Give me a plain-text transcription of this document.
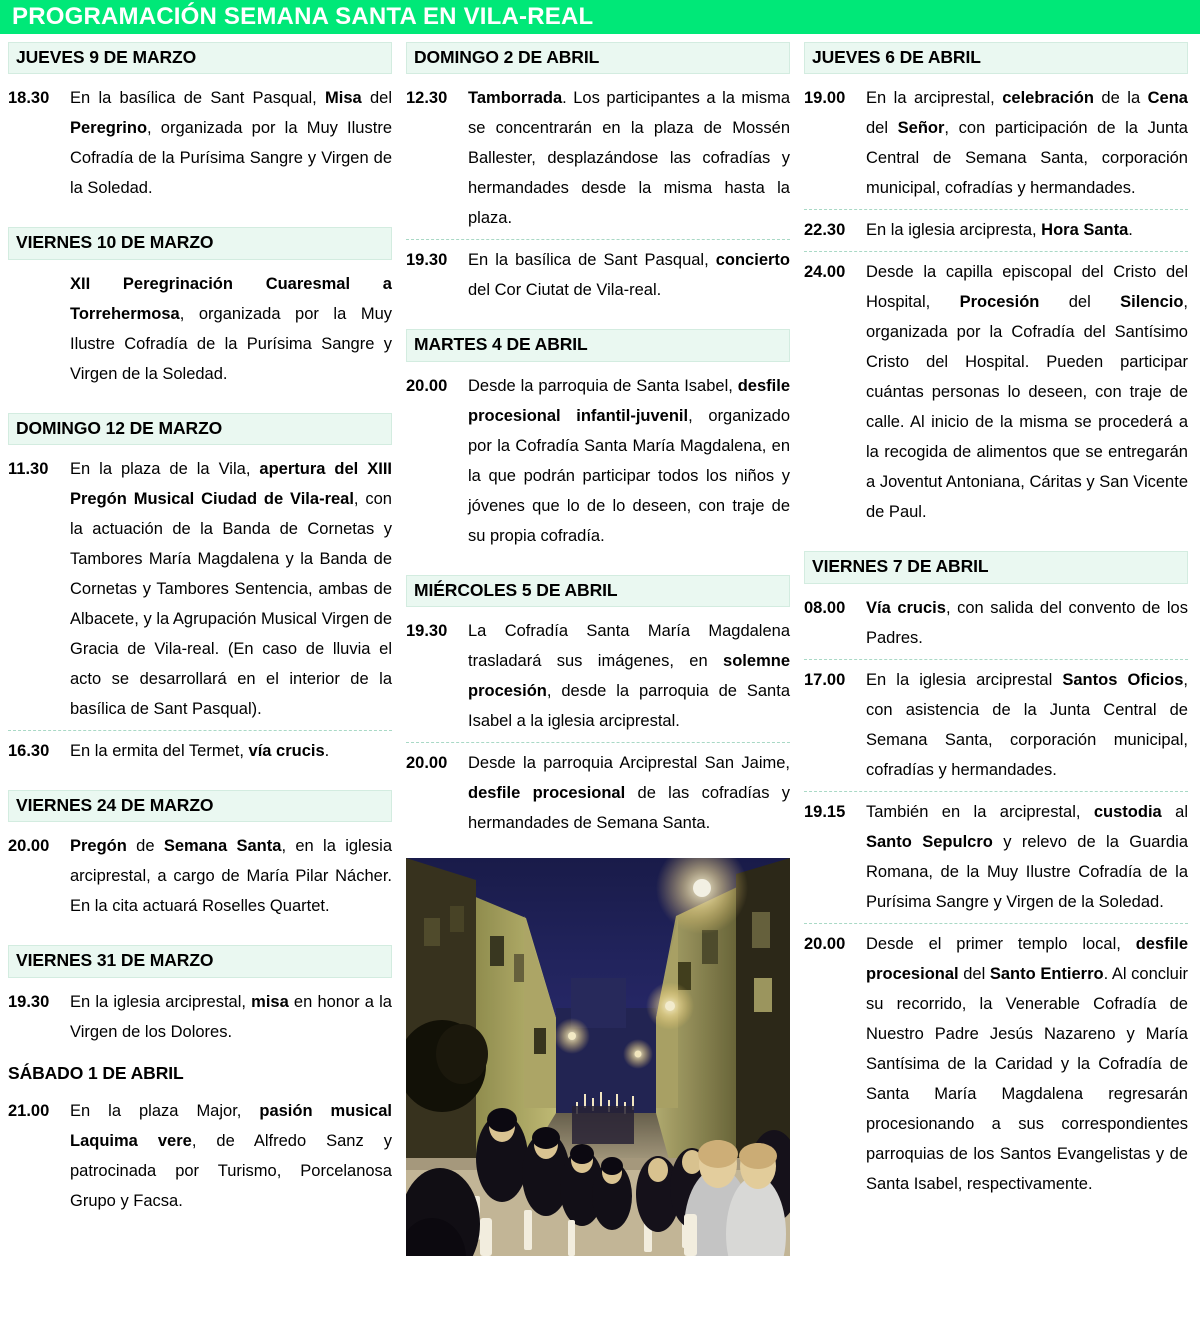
PROGRAMACIÓN SEMANA SANTA EN VILA-REAL
JUEVES 9 DE MARZO
18.30	En la basílica de Sant Pasqual, Misa del Peregrino, organizada por la Muy Ilustre Cofradía de la Purísima Sangre y Virgen de la Soledad.
VIERNES 10 DE MARZO
XII Peregrinación Cuaresmal a Torrehermosa, organizada por la Muy Ilustre Cofradía de la Purísima Sangre y Virgen de la Soledad.
DOMINGO 12 DE MARZO
11.30	En la plaza de la Vila, apertura del XIII Pregón Musical Ciudad de Vila-real, con la actuación de la Banda de Cornetas y Tambores María Magdalena y la Banda de Cornetas y Tambores Sentencia, ambas de Albacete, y la Agrupación Musical Virgen de Gracia de Vila-real. (En caso de lluvia el acto se desarrollará en el interior de la basílica de Sant Pasqual).
16.30	En la ermita del Termet, vía crucis.
VIERNES 24 DE MARZO
20.00	Pregón de Semana Santa, en la iglesia arciprestal, a cargo de María Pilar Nácher. En la cita actuará Roselles Quartet.
VIERNES 31 DE MARZO
19.30	En la iglesia arciprestal, misa en honor a la Virgen de los Dolores.
SÁBADO 1 DE ABRIL
21.00	En la plaza Major, pasión musical Laquima vere, de Alfredo Sanz y patrocinada por Turismo, Porcelanosa Grupo y Facsa.
DOMINGO 2 DE ABRIL
12.30	Tamborrada. Los participantes a la misma se concentrarán en la plaza de Mossén Ballester, desplazándose las cofradías y hermandades desde la misma hasta la plaza.
19.30	En la basílica de Sant Pasqual, concierto del Cor Ciutat de Vila-real.
MARTES 4 DE ABRIL
20.00	Desde la parroquia de Santa Isabel, desfile procesional infantil-juvenil, organizado por la Cofradía Santa María Magdalena, en la que podrán participar todos los niños y jóvenes que lo de lo deseen, con traje de su propia cofradía.
MIÉRCOLES 5 DE ABRIL
19.30	La Cofradía Santa María Magdalena trasladará sus imágenes, en solemne procesión, desde la parroquia de Santa Isabel a la iglesia arciprestal.
20.00	Desde la parroquia Arciprestal San Jaime, desfile procesional de las cofradías y hermandades de Semana Santa.
JUEVES 6 DE ABRIL
19.00	En la arciprestal, celebración de la Cena del Señor, con participación de la Junta Central de Semana Santa, corporación municipal, cofradías y hermandades.
22.30	En la iglesia arcipresta, Hora Santa.
24.00	Desde la capilla episcopal del Cristo del Hospital, Procesión del Silencio, organizada por la Cofradía del Santísimo Cristo del Hospital. Pueden participar cuántas personas lo deseen, con traje de calle. Al inicio de la misma se procederá a la recogida de alimentos que se entregarán a Joventut Antoniana, Cáritas y San Vicente de Paul.
VIERNES 7 DE ABRIL
08.00	Vía crucis, con salida del convento de los Padres.
17.00	En la iglesia arciprestal Santos Oficios, con asistencia de la Junta Central de Semana Santa, corporación municipal, cofradías y hermandades.
19.15	También en la arciprestal, custodia al Santo Sepulcro y relevo de la Guardia Romana, de la Muy Ilustre Cofradía de la Purísima Sangre y Virgen de la Soledad.
20.00	Desde el primer templo local, desfile procesional del Santo Entierro. Al concluir su recorrido, la Venerable Cofradía de Nuestro Padre Jesús Nazareno y María Santísima de la Caridad y la Cofradía de Santa María Magdalena regresarán procesionando a sus correspondientes parroquias de los Santos Evangelistas y de Santa Isabel, respectivamente.
